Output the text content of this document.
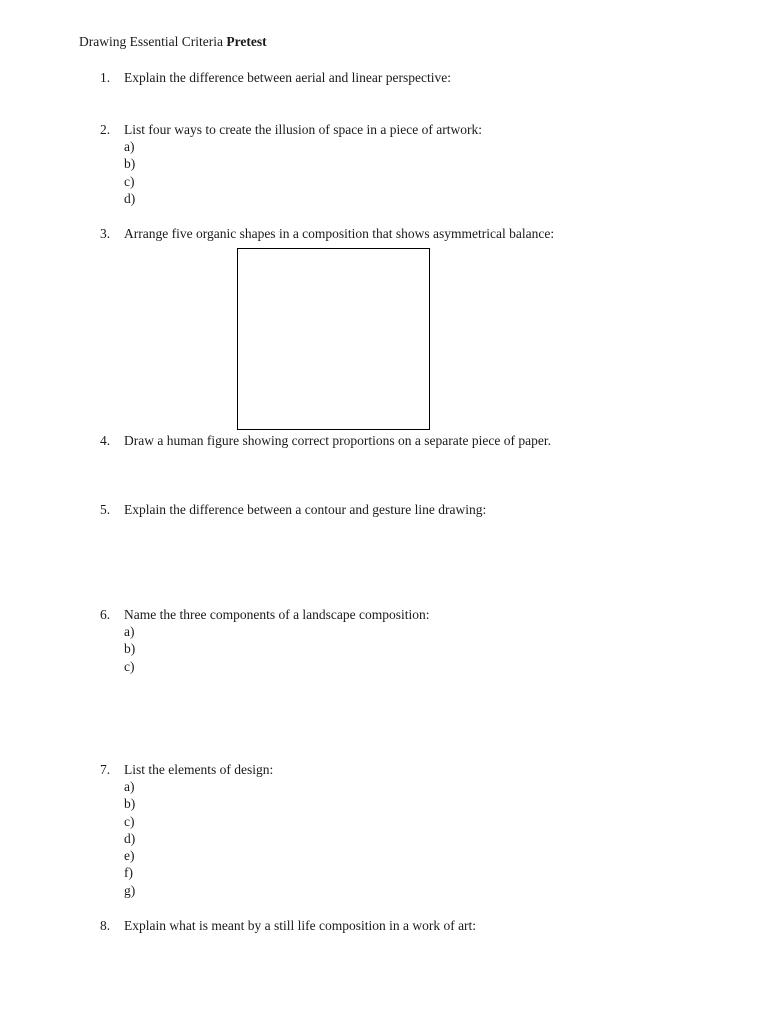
Drawing Essential Criteria Pretest
1. Explain the difference between aerial and linear perspective:
2. List four ways to create the illusion of space in a piece of artwork:
a)
b)
c)
d)
3. Arrange five organic shapes in a composition that shows asymmetrical balance:
4. Draw a human figure showing correct proportions on a separate piece of paper.
5. Explain the difference between a contour and gesture line drawing:
6. Name the three components of a landscape composition:
a)
b)
c)
7. List the elements of design:
a)
b)
c)
d)
e)
f)
g)
8. Explain what is meant by a still life composition in a work of art:
